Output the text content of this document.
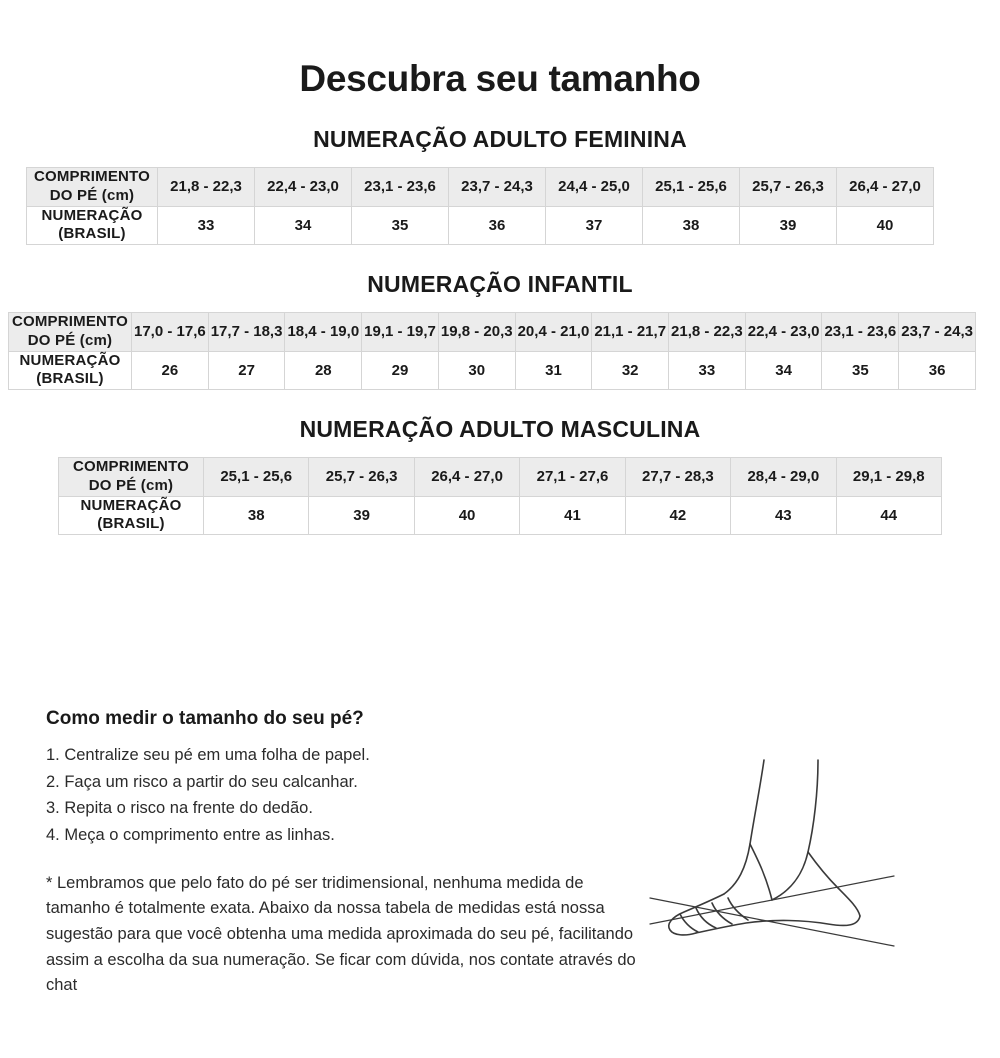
Descubra seu tamanho
NUMERAÇÃO ADULTO FEMININA
COMPRIMENTO
DO PÉ (cm)	21,8 - 22,3	22,4 - 23,0	23,1 - 23,6	23,7 - 24,3	24,4 - 25,0	25,1 - 25,6	25,7 - 26,3	26,4 - 27,0
NUMERAÇÃO
(BRASIL)	33	34	35	36	37	38	39	40
NUMERAÇÃO INFANTIL
COMPRIMENTO
DO PÉ (cm)	17,0 - 17,6	17,7 - 18,3	18,4 - 19,0	19,1 - 19,7	19,8 - 20,3	20,4 - 21,0	21,1 - 21,7	21,8 - 22,3	22,4 - 23,0	23,1 - 23,6	23,7 - 24,3
NUMERAÇÃO
(BRASIL)	26	27	28	29	30	31	32	33	34	35	36
NUMERAÇÃO ADULTO MASCULINA
COMPRIMENTO
DO PÉ (cm)	25,1 - 25,6	25,7 - 26,3	26,4 - 27,0	27,1 - 27,6	27,7 - 28,3	28,4 - 29,0	29,1 - 29,8
NUMERAÇÃO
(BRASIL)	38	39	40	41	42	43	44
Como medir o tamanho do seu pé?
1. Centralize seu pé em uma folha de papel.
2. Faça um risco a partir do seu calcanhar.
3. Repita o risco na frente do dedão.
4. Meça o comprimento entre as linhas.

* Lembramos que pelo fato do pé ser tridimensional, nenhuma medida de tamanho é totalmente exata. Abaixo da nossa tabela de medidas está nossa sugestão para que você obtenha uma medida aproximada do seu pé, facilitando assim a escolha da sua numeração. Se ficar com dúvida, nos contate através do chat
